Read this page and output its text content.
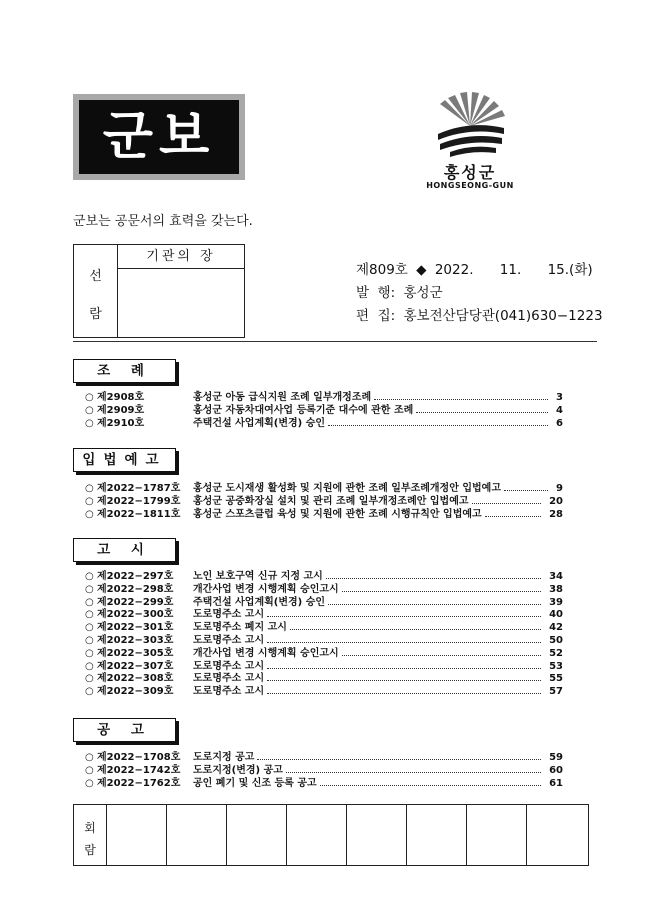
군보
홍성군
HONGSEONG-GUN
군보는 공문서의 효력을 갖는다.
선
람
기관의 장
제809호 ◆ 2022. 11. 15.(화)
발  행: 홍성군
편  집: 홍보전산담당관(041)630−1223
조 례
○ 제2908호	홍성군 아동 급식지원 조례 일부개정조례	3
○ 제2909호	홍성군 자동차대여사업 등록기준 대수에 관한 조례	4
○ 제2910호	주택건설 사업계획(변경) 승인	6
입법예고
○ 제2022−1787호 홍성군 도시재생 활성화 및 지원에 관한 조례 일부조례개정안 입법예고	9
○ 제2022−1799호 홍성군 공중화장실 설치 및 관리 조례 일부개정조례안 입법예고	20
○ 제2022−1811호 홍성군 스포츠클럽 육성 및 지원에 관한 조례 시행규칙안 입법예고	28
고 시
○ 제2022−297호 노인 보호구역 신규 지정 고시	34
○ 제2022−298호 개간사업 변경 시행계획 승인고시	38
○ 제2022−299호 주택건설 사업계획(변경) 승인	39
○ 제2022−300호 도로명주소 고시	40
○ 제2022−301호 도로명주소 폐지 고시	42
○ 제2022−303호 도로명주소 고시	50
○ 제2022−305호 개간사업 변경 시행계획 승인고시	52
○ 제2022−307호 도로명주소 고시	53
○ 제2022−308호 도로명주소 고시	55
○ 제2022−309호 도로명주소 고시	57
공 고
○ 제2022−1708호 도로지정 공고	59
○ 제2022−1742호 도로지정(변경) 공고	60
○ 제2022−1762호 공인 폐기 및 신조 등록 공고	61
회
람
